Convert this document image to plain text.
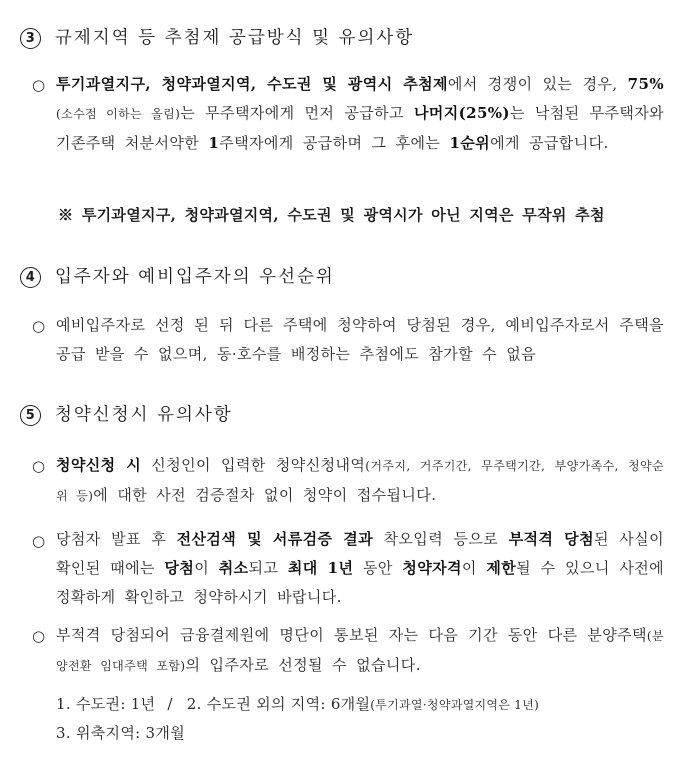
3 규제지역 등 추첨제 공급방식 및 유의사항
○ 투기과열지구, 청약과열지역, 수도권 및 광역시 추첨제에서 경쟁이 있는 경우, 75%(소수점 이하는 올림)는 무주택자에게 먼저 공급하고 나머지(25%)는 낙첨된 무주택자와 기존주택 처분서약한 1주택자에게 공급하며 그 후에는 1순위에게 공급합니다.
※ 투기과열지구, 청약과열지역, 수도권 및 광역시가 아닌 지역은 무작위 추첨
4 입주자와 예비입주자의 우선순위
○ 예비입주자로 선정 된 뒤 다른 주택에 청약하여 당첨된 경우, 예비입주자로서 주택을 공급 받을 수 없으며, 동·호수를 배정하는 추첨에도 참가할 수 없음
5 청약신청시 유의사항
○ 청약신청 시 신청인이 입력한 청약신청내역(거주지, 거주기간, 무주택기간, 부양가족수, 청약순위 등)에 대한 사전 검증절차 없이 청약이 접수됩니다.
○ 당첨자 발표 후 전산검색 및 서류검증 결과 착오입력 등으로 부적격 당첨된 사실이 확인된 때에는 당첨이 취소되고 최대 1년 동안 청약자격이 제한될 수 있으니 사전에 정확하게 확인하고 청약하시기 바랍니다.
○ 부적격 당첨되어 금융결제원에 명단이 통보된 자는 다음 기간 동안 다른 분양주택(분양전환 임대주택 포함)의 입주자로 선정될 수 없습니다.
1. 수도권: 1년 / 2. 수도권 외의 지역: 6개월(투기과열·청약과열지역은 1년)
3. 위축지역: 3개월
